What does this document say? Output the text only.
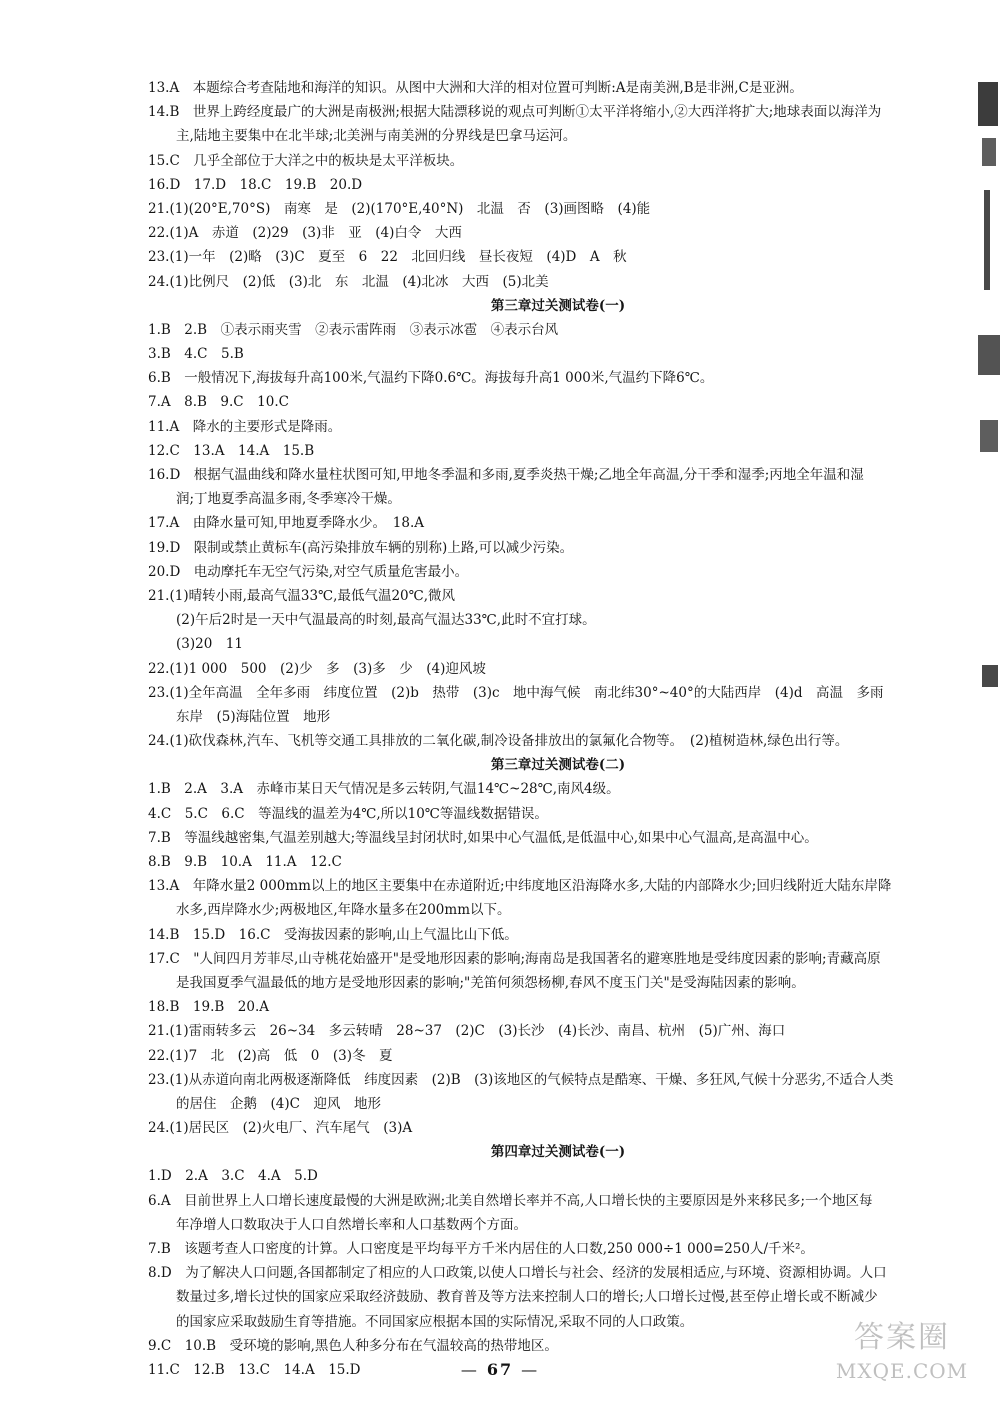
13.A　本题综合考查陆地和海洋的知识。从图中大洲和大洋的相对位置可判断:A是南美洲,B是非洲,C是亚洲。
14.B　世界上跨经度最广的大洲是南极洲;根据大陆漂移说的观点可判断①太平洋将缩小,②大西洋将扩大;地球表面以海洋为
主,陆地主要集中在北半球;北美洲与南美洲的分界线是巴拿马运河。
15.C　几乎全部位于大洋之中的板块是太平洋板块。
16.D　17.D　18.C　19.B　20.D
21.(1)(20°E,70°S)　南寒　是　(2)(170°E,40°N)　北温　否　(3)画图略　(4)能
22.(1)A　赤道　(2)29　(3)非　亚　(4)白令　大西
23.(1)一年　(2)略　(3)C　夏至　6　22　北回归线　昼长夜短　(4)D　A　秋
24.(1)比例尺　(2)低　(3)北　东　北温　(4)北冰　大西　(5)北美
第三章过关测试卷(一)
1.B　2.B　①表示雨夹雪　②表示雷阵雨　③表示冰雹　④表示台风
3.B　4.C　5.B
6.B　一般情况下,海拔每升高100米,气温约下降0.6℃。海拔每升高1 000米,气温约下降6℃。
7.A　8.B　9.C　10.C
11.A　降水的主要形式是降雨。
12.C　13.A　14.A　15.B
16.D　根据气温曲线和降水量柱状图可知,甲地冬季温和多雨,夏季炎热干燥;乙地全年高温,分干季和湿季;丙地全年温和湿
润;丁地夏季高温多雨,冬季寒冷干燥。
17.A　由降水量可知,甲地夏季降水少。　18.A
19.D　限制或禁止黄标车(高污染排放车辆的别称)上路,可以减少污染。
20.D　电动摩托车无空气污染,对空气质量危害最小。
21.(1)晴转小雨,最高气温33℃,最低气温20℃,微风
(2)午后2时是一天中气温最高的时刻,最高气温达33℃,此时不宜打球。
(3)20　11
22.(1)1 000　500　(2)少　多　(3)多　少　(4)迎风坡
23.(1)全年高温　全年多雨　纬度位置　(2)b　热带　(3)c　地中海气候　南北纬30°~40°的大陆西岸　(4)d　高温　多雨
东岸　(5)海陆位置　地形
24.(1)砍伐森林,汽车、飞机等交通工具排放的二氧化碳,制冷设备排放出的氯氟化合物等。　(2)植树造林,绿色出行等。
第三章过关测试卷(二)
1.B　2.A　3.A　赤峰市某日天气情况是多云转阴,气温14℃~28℃,南风4级。
4.C　5.C　6.C　等温线的温差为4℃,所以10℃等温线数据错误。
7.B　等温线越密集,气温差别越大;等温线呈封闭状时,如果中心气温低,是低温中心,如果中心气温高,是高温中心。
8.B　9.B　10.A　11.A　12.C
13.A　年降水量2 000mm以上的地区主要集中在赤道附近;中纬度地区沿海降水多,大陆的内部降水少;回归线附近大陆东岸降
水多,西岸降水少;两极地区,年降水量多在200mm以下。
14.B　15.D　16.C　受海拔因素的影响,山上气温比山下低。
17.C　"人间四月芳菲尽,山寺桃花始盛开"是受地形因素的影响;海南岛是我国著名的避寒胜地是受纬度因素的影响;青藏高原
是我国夏季气温最低的地方是受地形因素的影响;"羌笛何须怨杨柳,春风不度玉门关"是受海陆因素的影响。
18.B　19.B　20.A
21.(1)雷雨转多云　26~34　多云转晴　28~37　(2)C　(3)长沙　(4)长沙、南昌、杭州　(5)广州、海口
22.(1)7　北　(2)高　低　0　(3)冬　夏
23.(1)从赤道向南北两极逐渐降低　纬度因素　(2)B　(3)该地区的气候特点是酷寒、干燥、多狂风,气候十分恶劣,不适合人类
的居住　企鹅　(4)C　迎风　地形
24.(1)居民区　(2)火电厂、汽车尾气　(3)A
第四章过关测试卷(一)
1.D　2.A　3.C　4.A　5.D
6.A　目前世界上人口增长速度最慢的大洲是欧洲;北美自然增长率并不高,人口增长快的主要原因是外来移民多;一个地区每
年净增人口数取决于人口自然增长率和人口基数两个方面。
7.B　该题考查人口密度的计算。人口密度是平均每平方千米内居住的人口数,250 000÷1 000=250人/千米²。
8.D　为了解决人口问题,各国都制定了相应的人口政策,以使人口增长与社会、经济的发展相适应,与环境、资源相协调。人口
数量过多,增长过快的国家应采取经济鼓励、教育普及等方法来控制人口的增长;人口增长过慢,甚至停止增长或不断减少
的国家应采取鼓励生育等措施。不同国家应根据本国的实际情况,采取不同的人口政策。
9.C　10.B　受环境的影响,黑色人种多分布在气温较高的热带地区。
11.C　12.B　13.C　14.A　15.D	— 67 —
答案圈
MXQE.COM
